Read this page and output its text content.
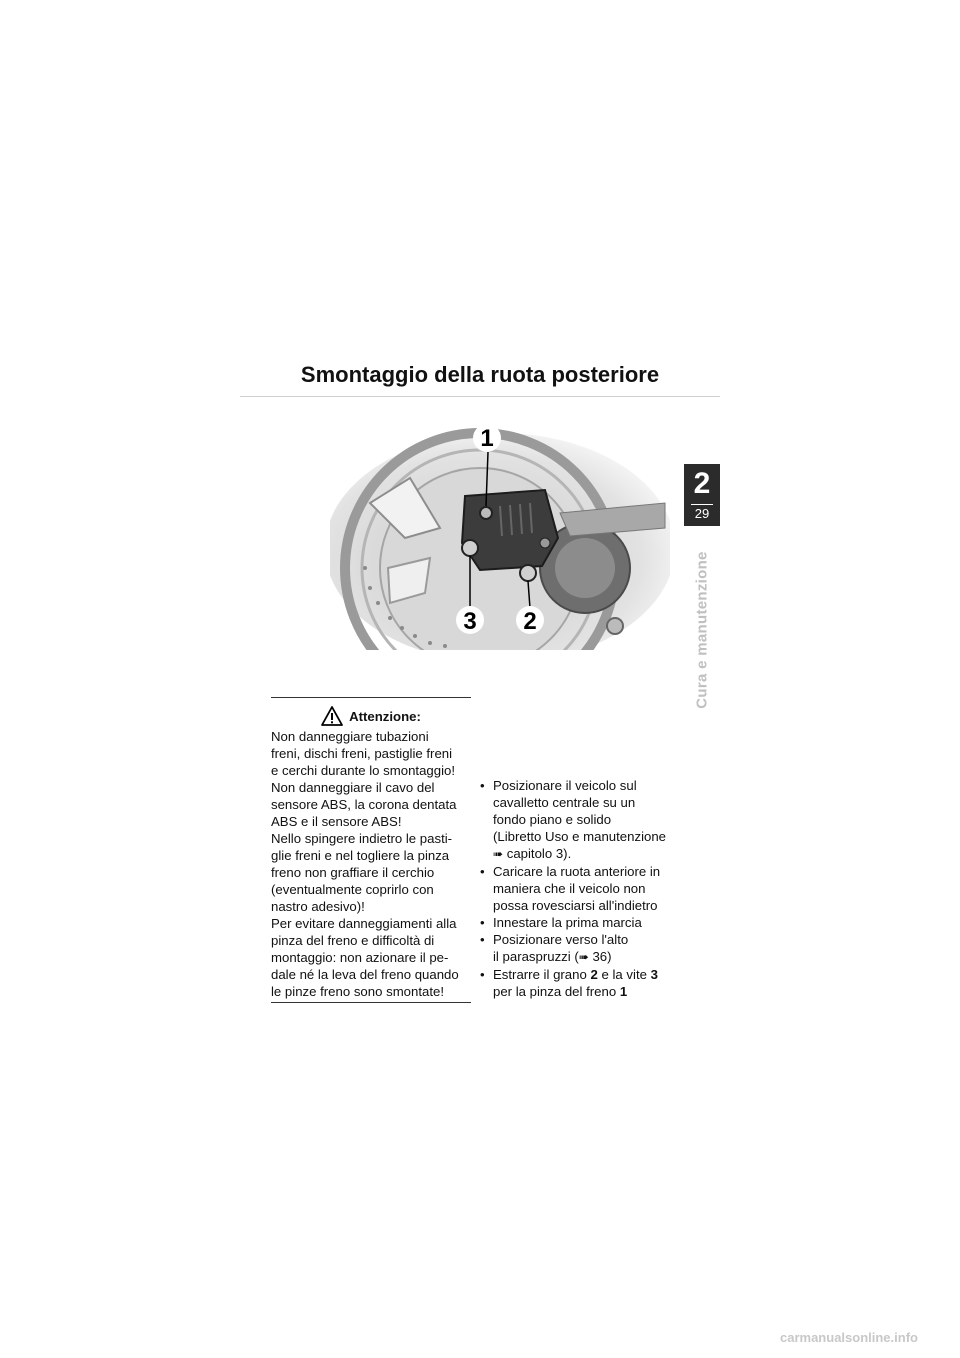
Smontaggio della ruota posteriore
2
29
Cura e manutenzione
1
3 2
Attenzione:

Non danneggiare tubazioni

freni, dischi freni, pastiglie freni

e cerchi durante lo smontaggio!

Non danneggiare il cavo del

sensore ABS, la corona dentata

ABS e il sensore ABS!

Nello spingere indietro le pasti-

glie freni e nel togliere la pinza

freno non graffiare il cerchio

(eventualmente coprirlo con

nastro adesivo)!

Per evitare danneggiamenti alla

pinza del freno e difficoltà di

montaggio: non azionare il pe-

dale né la leva del freno quando

le pinze freno sono smontate!

• Posizionare il veicolo sul
cavalletto centrale su un
fondo piano e solido
(Libretto Uso e manutenzione
➠ capitolo 3).
• Caricare la ruota anteriore in
maniera che il veicolo non
possa rovesciarsi all'indietro
• Innestare la prima marcia
• Posizionare verso l'alto
il paraspruzzi (➠ 36)
• Estrarre il grano 2 e la vite 3
per la pinza del freno 1
carmanualsonline.info
